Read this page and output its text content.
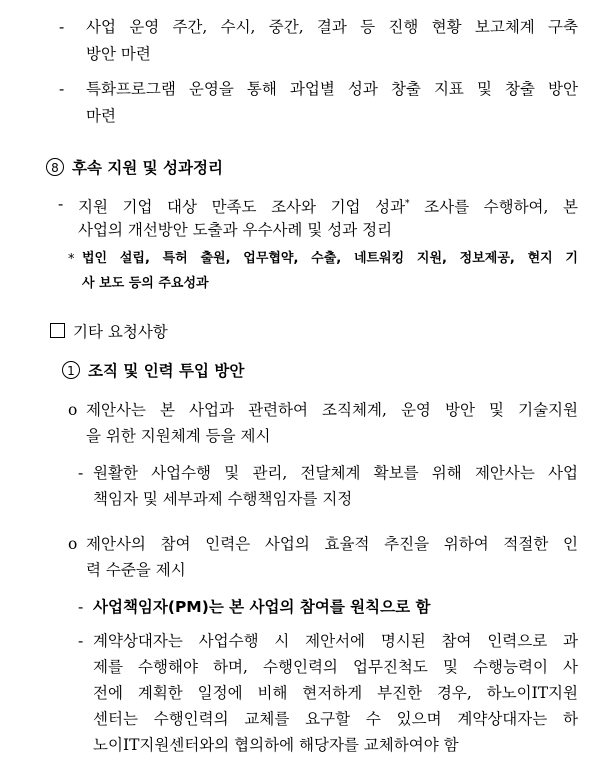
- 사업 운영 주간, 수시, 중간, 결과 등 진행 현황 보고체계 구축
방안 마련
- 특화프로그램 운영을 통해 과업별 성과 창출 지표 및 창출 방안
마련
8 후속 지원 및 성과정리
- 지원 기업 대상 만족도 조사와 기업 성과* 조사를 수행하여, 본
사업의 개선방안 도출과 우수사례 및 성과 정리
* 법인 설립, 특허 출원, 업무협약, 수출, 네트워킹 지원, 정보제공, 현지 기
사 보도 등의 주요성과
기타 요청사항
1 조직 및 인력 투입 방안
o 제안사는 본 사업과 관련하여 조직체계, 운영 방안 및 기술지원
을 위한 지원체계 등을 제시
- 원활한 사업수행 및 관리, 전달체계 확보를 위해 제안사는 사업
책임자 및 세부과제 수행책임자를 지정
o 제안사의 참여 인력은 사업의 효율적 추진을 위하여 적절한 인
력 수준을 제시
- 사업책임자(PM)는 본 사업의 참여를 원칙으로 함
- 계약상대자는 사업수행 시 제안서에 명시된 참여 인력으로 과
제를 수행해야 하며, 수행인력의 업무진척도 및 수행능력이 사
전에 계획한 일정에 비해 현저하게 부진한 경우, 하노이IT지원
센터는 수행인력의 교체를 요구할 수 있으며 계약상대자는 하
노이IT지원센터와의 협의하에 해당자를 교체하여야 함
